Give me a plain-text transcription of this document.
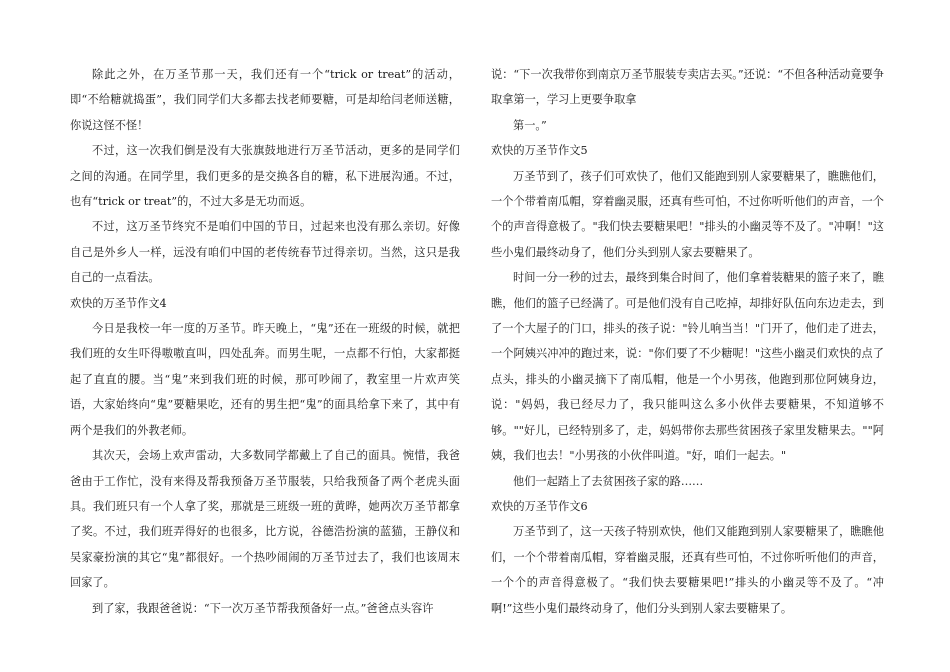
除此之外，在万圣节那一天，我们还有一个“trick or treat”的活动，即“不给糖就捣蛋”，我们同学们大多都去找老师要糖，可是却给闫老师送糖，你说这怪不怪！

不过，这一次我们倒是没有大张旗鼓地进行万圣节活动，更多的是同学们之间的沟通。在同学里，我们更多的是交换各自的糖，私下进展沟通。不过，也有“trick or treat”的，不过大多是无功而返。

不过，这万圣节终究不是咱们中国的节日，过起来也没有那么亲切。好像自己是外乡人一样，远没有咱们中国的老传统春节过得亲切。当然，这只是我自己的一点看法。

欢快的万圣节作文4

今日是我校一年一度的万圣节。昨天晚上，“鬼”还在一班级的时候，就把我们班的女生吓得嗷嗷直叫，四处乱奔。而男生呢，一点都不行怕，大家都挺起了直直的腰。当“鬼”来到我们班的时候，那可吵闹了，教室里一片欢声笑语，大家始终向“鬼”要糖果吃，还有的男生把“鬼”的面具给拿下来了，其中有两个是我们的外教老师。

其次天，会场上欢声雷动，大多数同学都戴上了自己的面具。惋惜，我爸爸由于工作忙，没有来得及帮我预备万圣节服装，只给我预备了两个老虎头面具。我们班只有一个人拿了奖，那就是三班级一班的黄晔，她两次万圣节都拿了奖。不过，我们班弄得好的也很多，比方说，谷德浩扮演的蓝猫，王静仪和吴家豪扮演的其它“鬼”都很好。一个热吵闹闹的万圣节过去了，我们也该周末回家了。

到了家，我跟爸爸说：“下一次万圣节帮我预备好一点。”爸爸点头容许

说：“下一次我带你到南京万圣节服装专卖店去买。”还说：“不但各种活动竟要争取拿第一，学习上更要争取拿

第一。”

欢快的万圣节作文5

万圣节到了，孩子们可欢快了，他们又能跑到别人家要糖果了，瞧瞧他们，一个个带着南瓜帽，穿着幽灵服，还真有些可怕，不过你听听他们的声音，一个个的声音得意极了。"我们快去要糖果吧！"排头的小幽灵等不及了。"冲啊！"这些小鬼们最终动身了，他们分头到别人家去要糖果了。

时间一分一秒的过去，最终到集合时间了，他们拿着装糖果的篮子来了，瞧瞧，他们的篮子已经满了。可是他们没有自己吃掉，却排好队伍向东边走去，到了一个大屋子的门口，排头的孩子说："铃儿响当当！"门开了，他们走了进去，一个阿姨兴冲冲的跑过来，说："你们要了不少糖呢！"这些小幽灵们欢快的点了点头，排头的小幽灵摘下了南瓜帽，他是一个小男孩，他跑到那位阿姨身边，说："妈妈，我已经尽力了，我只能叫这么多小伙伴去要糖果，不知道够不够。""好儿，已经特别多了，走，妈妈带你去那些贫困孩子家里发糖果去。""阿姨，我们也去！"小男孩的小伙伴叫道。"好，咱们一起去。"

他们一起踏上了去贫困孩子家的路……

欢快的万圣节作文6

万圣节到了，这一天孩子特别欢快，他们又能跑到别人家要糖果了，瞧瞧他们，一个个带着南瓜帽，穿着幽灵服，还真有些可怕，不过你听听他们的声音，一个个的声音得意极了。“我们快去要糖果吧!”排头的小幽灵等不及了。“冲啊!”这些小鬼们最终动身了，他们分头到别人家去要糖果了。
